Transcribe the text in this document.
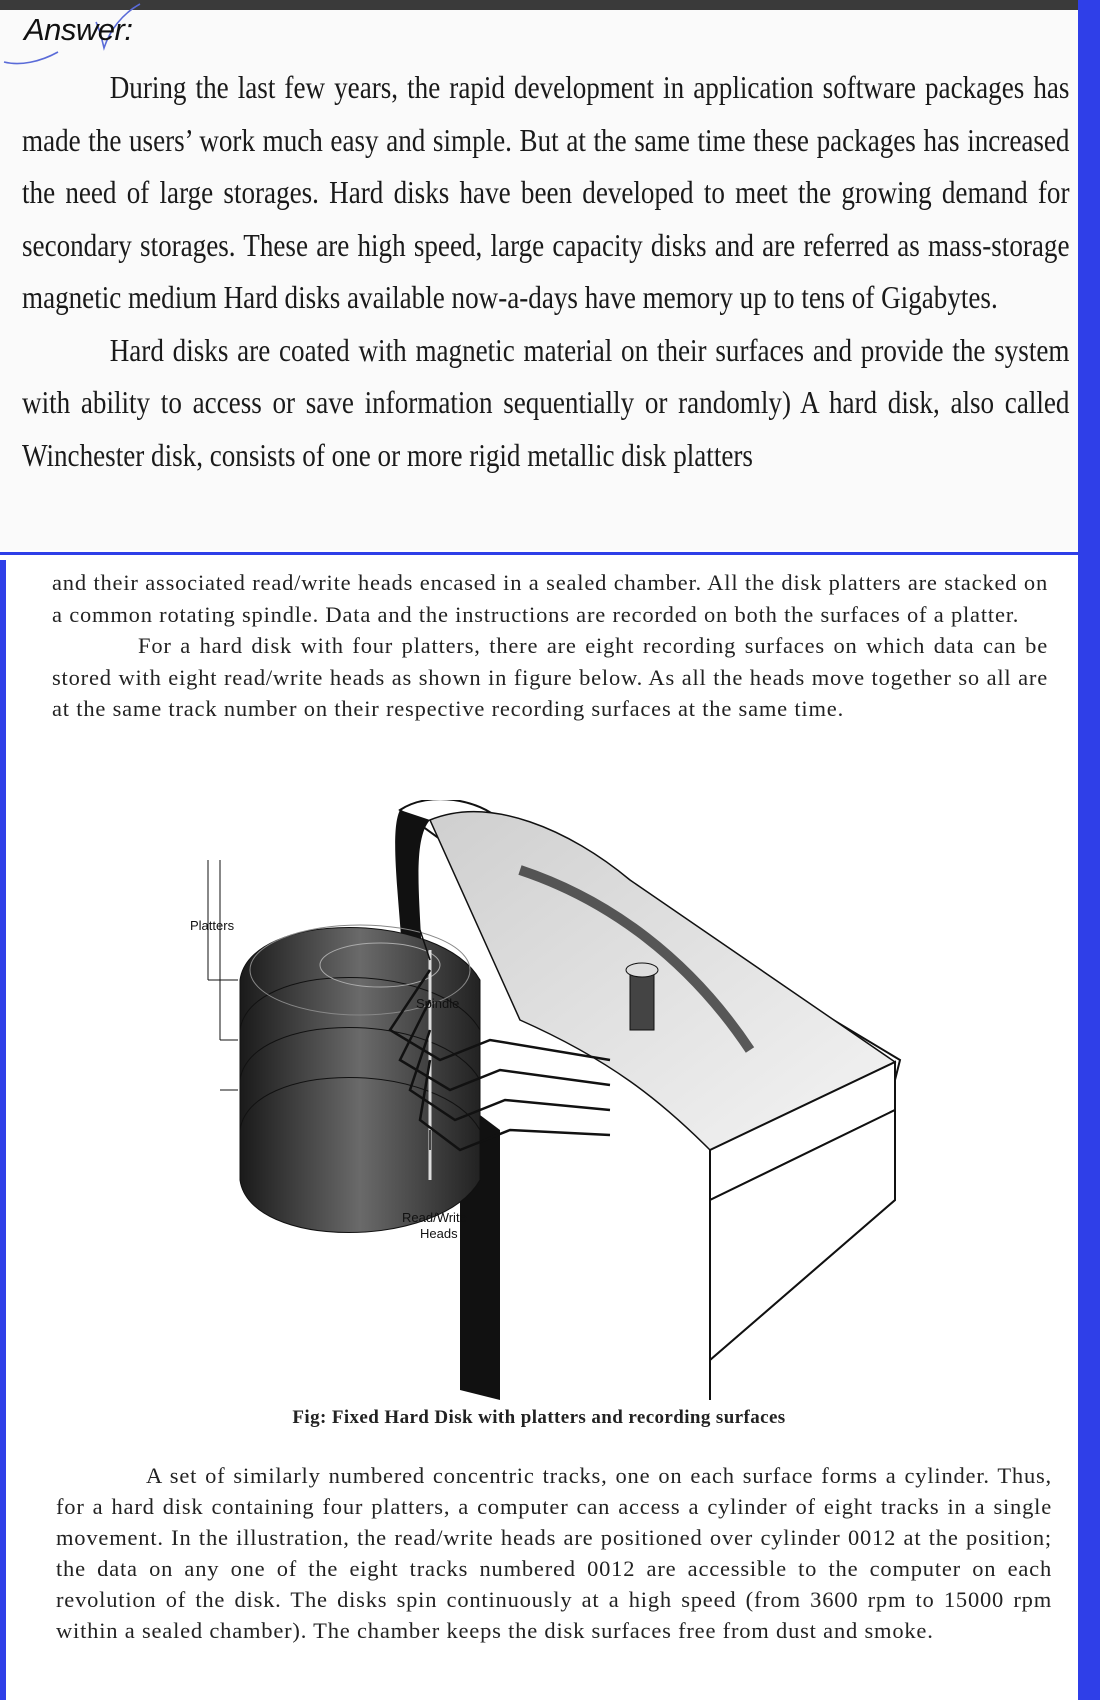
Answer:

During the last few years, the rapid development in application software packages has made the users’ work much easy and simple. But at the same time these packages has increased the need of large storages. Hard disks have been developed to meet the growing demand for secondary storages. These are high speed, large capacity disks and are referred as mass-storage magnetic medium Hard disks available now-a-days have memory up to tens of Gigabytes.

Hard disks are coated with magnetic material on their surfaces and provide the system with ability to access or save information sequentially or randomly) A hard disk, also called Winchester disk, consists of one or more rigid metallic disk platters

and their associated read/write heads encased in a sealed chamber. All the disk platters are stacked on a common rotating spindle. Data and the instructions are recorded on both the surfaces of a platter.

For a hard disk with four platters, there are eight recording surfaces on which data can be stored with eight read/write heads as shown in figure below. As all the heads move together so all are at the same track number on their respective recording surfaces at the same time.

Platters
Spindle
Read/Write
Heads
Fig: Fixed Hard Disk with platters and recording surfaces

A set of similarly numbered concentric tracks, one on each surface forms a cylinder. Thus, for a hard disk containing four platters, a computer can access a cylinder of eight tracks in a single movement. In the illustration, the read/write heads are positioned over cylinder 0012 at the position; the data on any one of the eight tracks numbered 0012 are accessible to the computer on each revolution of the disk. The disks spin continuously at a high speed (from 3600 rpm to 15000 rpm within a sealed chamber). The chamber keeps the disk surfaces free from dust and smoke.
